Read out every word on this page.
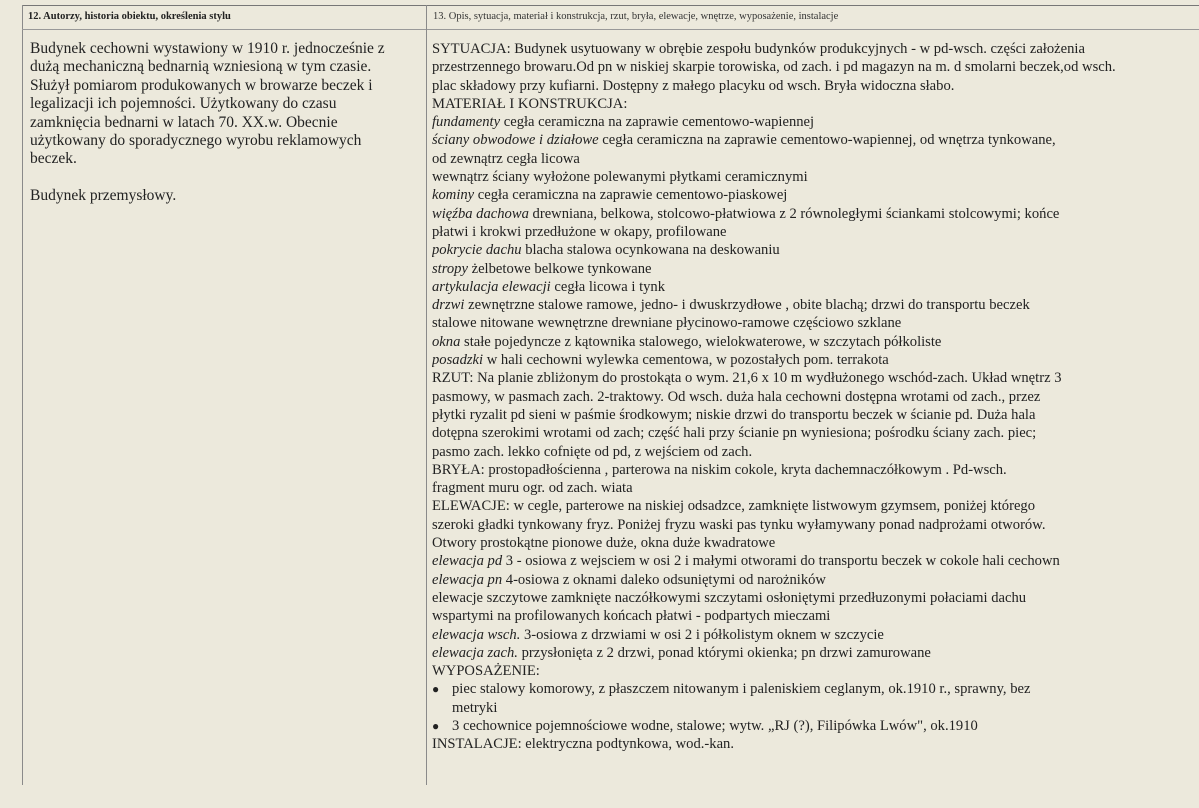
12. Autorzy, historia obiektu, określenia stylu	13. Opis, sytuacja, materiał i konstrukcja, rzut, bryła, elewacje, wnętrze, wyposażenie, instalacje

Budynek cechowni wystawiony w 1910 r. jednocześnie z
dużą mechaniczną bednarnią wzniesioną w tym czasie.
Służył pomiarom produkowanych w browarze beczek i
legalizacji ich pojemności. Użytkowany do czasu
zamknięcia bednarni w latach 70. XX.w. Obecnie
użytkowany do sporadycznego wyrobu reklamowych
beczek.

Budynek przemysłowy.

SYTUACJA: Budynek usytuowany w obrębie zespołu budynków produkcyjnych - w pd-wsch. części założenia
przestrzennego browaru.Od pn w niskiej skarpie torowiska, od zach. i pd magazyn na m. d smolarni beczek,od wsch.
plac składowy przy kufiarni. Dostępny z małego placyku od wsch. Bryła widoczna słabo.
MATERIAŁ I KONSTRUKCJA:
fundamenty cegła ceramiczna na zaprawie cementowo-wapiennej
ściany obwodowe i działowe cegła ceramiczna na zaprawie cementowo-wapiennej, od wnętrza tynkowane,
od zewnątrz cegła licowa
wewnątrz ściany wyłożone polewanymi płytkami ceramicznymi
kominy cegła ceramiczna na zaprawie cementowo-piaskowej
więźba dachowa drewniana, belkowa, stolcowo-płatwiowa z 2 równoległymi ściankami stolcowymi; końce
płatwi i krokwi przedłużone w okapy, profilowane
pokrycie dachu blacha stalowa ocynkowana na deskowaniu
stropy żelbetowe belkowe tynkowane
artykulacja elewacji cegła licowa i tynk
drzwi zewnętrzne stalowe ramowe, jedno- i dwuskrzydłowe , obite blachą; drzwi do transportu beczek
stalowe nitowane wewnętrzne drewniane płycinowo-ramowe częściowo szklane
okna stałe pojedyncze z kątownika stalowego, wielokwaterowe, w szczytach półkoliste
posadzki w hali cechowni wylewka cementowa, w pozostałych pom. terrakota
RZUT: Na planie zbliżonym do prostokąta o wym. 21,6 x 10 m wydłużonego wschód-zach. Układ wnętrz 3
pasmowy, w pasmach zach. 2-traktowy. Od wsch. duża hala cechowni dostępna wrotami od zach., przez
płytki ryzalit pd sieni w paśmie środkowym; niskie drzwi do transportu beczek w ścianie pd. Duża hala
dotępna szerokimi wrotami od zach; część hali przy ścianie pn wyniesiona; pośrodku ściany zach. piec;
pasmo zach. lekko cofnięte od pd, z wejściem od zach.
BRYŁA: prostopadłościenna , parterowa na niskim cokole, kryta dachemnaczółkowym . Pd-wsch.
fragment muru ogr. od zach. wiata
ELEWACJE: w cegle, parterowe na niskiej odsadzce, zamknięte listwowym gzymsem, poniżej którego
szeroki gładki tynkowany fryz. Poniżej fryzu waski pas tynku wyłamywany ponad nadprożami otworów.
Otwory prostokątne pionowe duże, okna duże kwadratowe
elewacja pd 3 - osiowa z wejsciem w osi 2 i małymi otworami do transportu beczek w cokole hali cechown
elewacja pn 4-osiowa z oknami daleko odsuniętymi od narożników
elewacje szczytowe zamknięte naczółkowymi szczytami osłoniętymi przedłuzonymi połaciami dachu
wspartymi na profilowanych końcach płatwi - podpartych mieczami
elewacja wsch. 3-osiowa z drzwiami w osi 2 i półkolistym oknem w szczycie
elewacja zach. przysłonięta z 2 drzwi, ponad którymi okienka; pn drzwi zamurowane
WYPOSAŻENIE:
● piec stalowy komorowy, z płaszczem nitowanym i paleniskiem ceglanym, ok.1910 r., sprawny, bez
metryki
● 3 cechownice pojemnościowe wodne, stalowe; wytw. „RJ (?), Filipówka Lwów", ok.1910
INSTALACJE: elektryczna podtynkowa, wod.-kan.
